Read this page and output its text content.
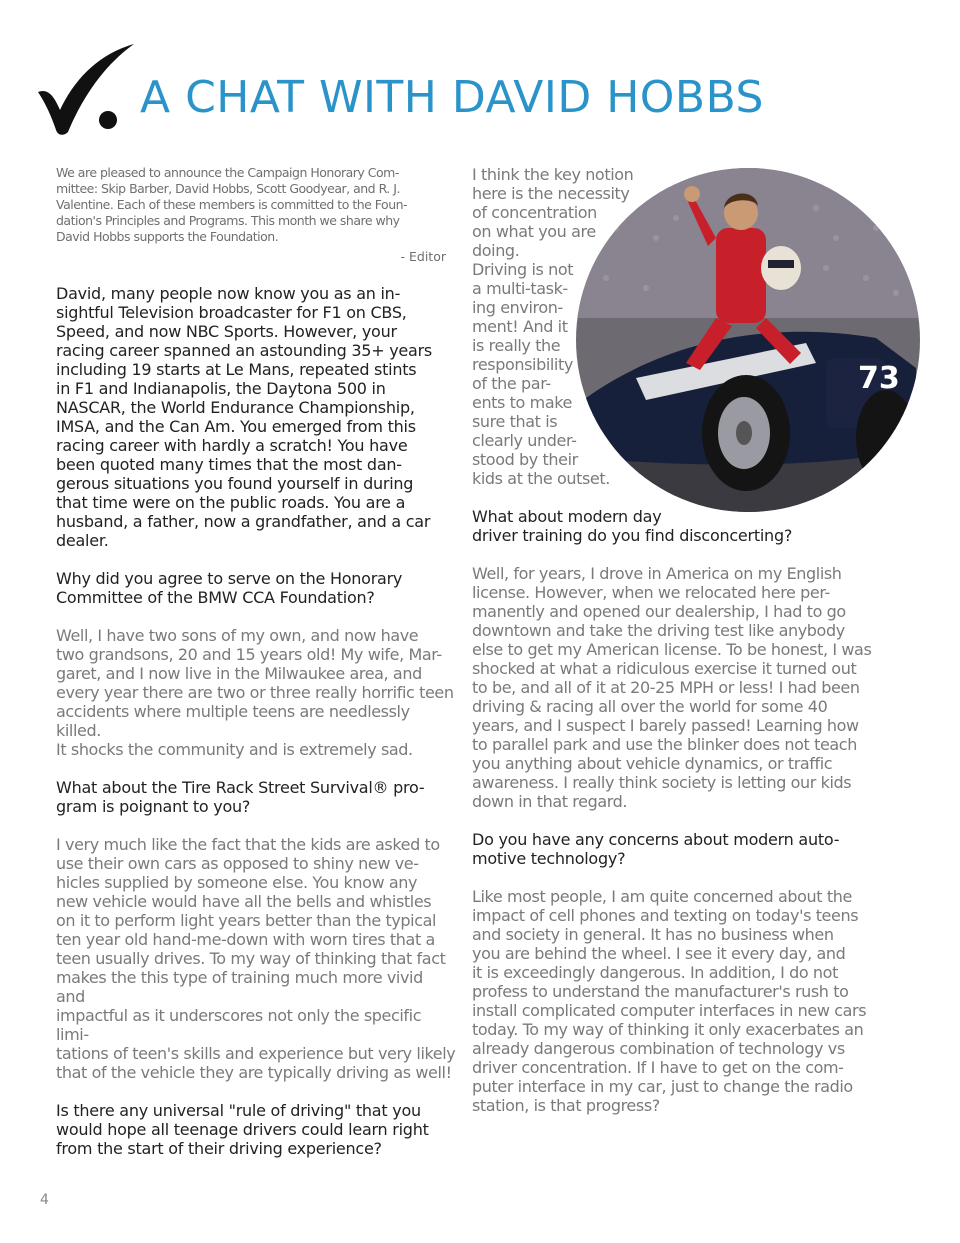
A CHAT WITH DAVID HOBBS

We are pleased to announce the Campaign Honorary Com-
mittee: Skip Barber, David Hobbs, Scott Goodyear, and R. J.
Valentine. Each of these members is committed to the Foun-
dation's Principles and Programs. This month we share why
David Hobbs supports the Foundation.

- Editor

David, many people now know you as an in-
sightful Television broadcaster for F1 on CBS,
Speed, and now NBC Sports. However, your
racing career spanned an astounding 35+ years
including 19 starts at Le Mans, repeated stints
in F1 and Indianapolis, the Daytona 500 in
NASCAR, the World Endurance Championship,
IMSA, and the Can Am. You emerged from this
racing career with hardly a scratch! You have
been quoted many times that the most dan-
gerous situations you found yourself in during
that time were on the public roads. You are a
husband, a father, now a grandfather, and a car
dealer.

Why did you agree to serve on the Honorary
Committee of the BMW CCA Foundation?

Well, I have two sons of my own, and now have
two grandsons, 20 and 15 years old! My wife, Mar-
garet, and I now live in the Milwaukee area, and
every year there are two or three really horrific teen
accidents where multiple teens are needlessly killed.
It shocks the community and is extremely sad.

What about the Tire Rack Street Survival® pro-
gram is poignant to you?

I very much like the fact that the kids are asked to
use their own cars as opposed to shiny new ve-
hicles supplied by someone else. You know any
new vehicle would have all the bells and whistles
on it to perform light years better than the typical
ten year old hand-me-down with worn tires that a
teen usually drives. To my way of thinking that fact
makes the this type of training much more vivid and
impactful as it underscores not only the specific limi-
tations of teen's skills and experience but very likely
that of the vehicle they are typically driving as well!

Is there any universal "rule of driving" that you
would hope all teenage drivers could learn right
from the start of their driving experience?

I think the key notion
here is the necessity
of concentration
on what you are
doing.
Driving is not
a multi-task-
ing environ-
ment! And it
is really the
responsibility
of the par-
ents to make
sure that is
clearly under-
stood by their
kids at the outset.

What about modern day
driver training do you find disconcerting?

Well, for years, I drove in America on my English
license. However, when we relocated here per-
manently and opened our dealership, I had to go
downtown and take the driving test like anybody
else to get my American license. To be honest, I was
shocked at what a ridiculous exercise it turned out
to be, and all of it at 20-25 MPH or less! I had been
driving & racing all over the world for some 40
years, and I suspect I barely passed! Learning how
to parallel park and use the blinker does not teach
you anything about vehicle dynamics, or traffic
awareness. I really think society is letting our kids
down in that regard.

Do you have any concerns about modern auto-
motive technology?

Like most people, I am quite concerned about the
impact of cell phones and texting on today's teens
and society in general. It has no business when
you are behind the wheel. I see it every day, and
it is exceedingly dangerous. In addition, I do not
profess to understand the manufacturer's rush to
install complicated computer interfaces in new cars
today. To my way of thinking it only exacerbates an
already dangerous combination of technology vs
driver concentration. If I have to get on the com-
puter interface in my car, just to change the radio
station, is that progress?

73
4
